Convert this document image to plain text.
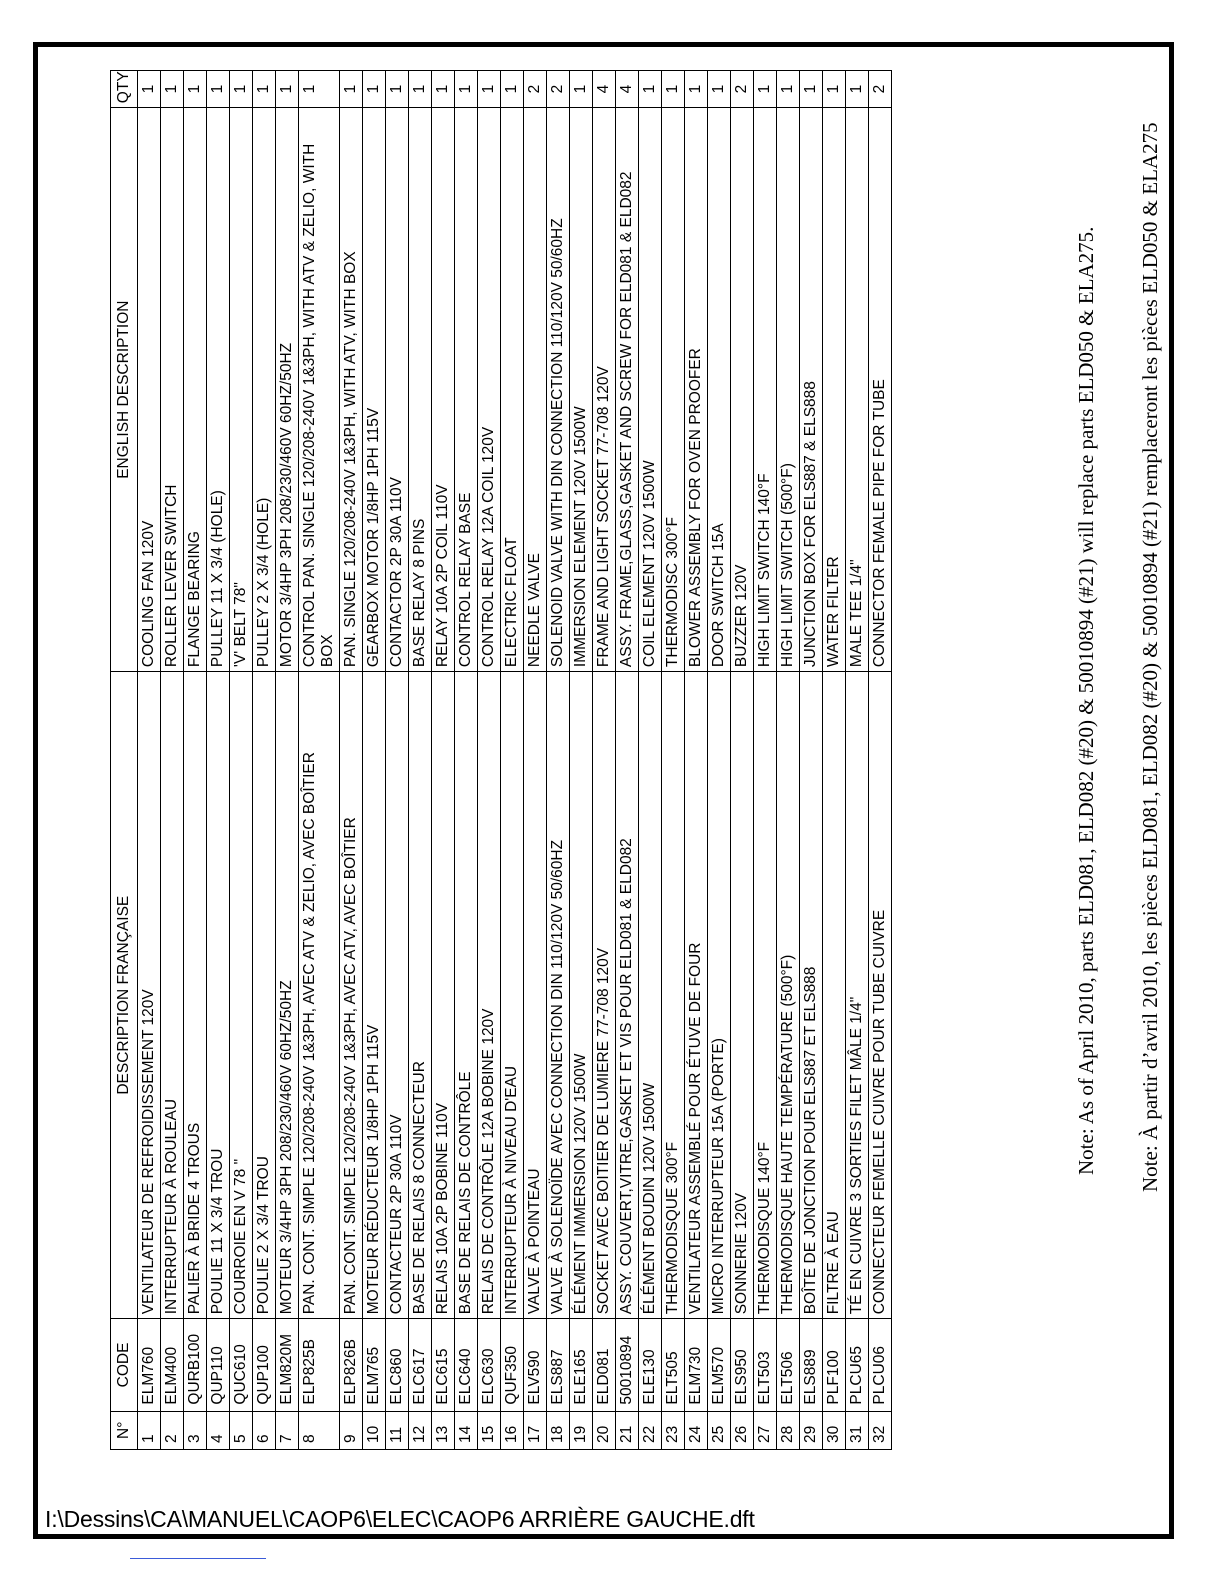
N°	CODE	DESCRIPTION FRANÇAISE	ENGLISH DESCRIPTION	QTY
1	ELM760	VENTILATEUR DE REFROIDISSEMENT 120V	COOLING FAN 120V	1
2	ELM400	INTERRUPTEUR À ROULEAU	ROLLER LEVER SWITCH	1
3	QURB100	PALIER À BRIDE 4 TROUS	FLANGE BEARING	1
4	QUP110	POULIE 11 X 3/4 TROU	PULLEY 11 X 3/4 (HOLE)	1
5	QUC610	COURROIE EN V 78 "	'V' BELT 78"	1
6	QUP100	POULIE 2 X 3/4 TROU	PULLEY 2 X 3/4 (HOLE)	1
7	ELM820M	MOTEUR 3/4HP 3PH 208/230/460V 60HZ/50HZ	MOTOR 3/4HP 3PH 208/230/460V 60HZ/50HZ	1
8	ELP825B	PAN. CONT. SIMPLE 120/208-240V 1&3PH, AVEC ATV & ZELIO, AVEC BOÎTIER	CONTROL PAN. SINGLE 120/208-240V 1&3PH, WITH ATV & ZELIO, WITH BOX	1
9	ELP826B	PAN. CONT. SIMPLE 120/208-240V 1&3PH, AVEC ATV, AVEC BOÎTIER	PAN. SINGLE 120/208-240V 1&3PH, WITH ATV, WITH BOX	1
10	ELM765	MOTEUR RÉDUCTEUR 1/8HP 1PH 115V	GEARBOX MOTOR 1/8HP 1PH 115V	1
11	ELC860	CONTACTEUR 2P 30A 110V	CONTACTOR 2P 30A 110V	1
12	ELC617	BASE DE RELAIS 8 CONNECTEUR	BASE RELAY 8 PINS	1
13	ELC615	RELAIS 10A 2P BOBINE 110V	RELAY 10A 2P COIL 110V	1
14	ELC640	BASE DE RELAIS DE CONTRÔLE	CONTROL RELAY BASE	1
15	ELC630	RELAIS DE CONTRÔLE 12A BOBINE 120V	CONTROL RELAY 12A COIL 120V	1
16	QUF350	INTERRUPTEUR À NIVEAU D'EAU	ELECTRIC FLOAT	1
17	ELV590	VALVE À POINTEAU	NEEDLE VALVE	2
18	ELS887	VALVE À SOLENOÏDE AVEC CONNECTION DIN 110/120V 50/60HZ	SOLENOID VALVE WITH DIN CONNECTION 110/120V 50/60HZ	2
19	ELE165	ÉLÉMENT IMMERSION 120V 1500W	IMMERSION ELEMENT 120V 1500W	1
20	ELD081	SOCKET AVEC BOITIER DE LUMIERE 77-708 120V	FRAME AND LIGHT SOCKET 77-708 120V	4
21	50010894	ASSY. COUVERT,VITRE,GASKET ET VIS POUR ELD081 & ELD082	ASSY. FRAME,GLASS,GASKET AND SCREW FOR ELD081 & ELD082	4
22	ELE130	ÉLÉMENT BOUDIN 120V 1500W	COIL ELEMENT 120V 1500W	1
23	ELT505	THERMODISQUE 300°F	THERMODISC 300°F	1
24	ELM730	VENTILATEUR ASSEMBLÉ POUR ÉTUVE DE FOUR	BLOWER ASSEMBLY FOR OVEN PROOFER	1
25	ELM570	MICRO INTERRUPTEUR 15A (PORTE)	DOOR SWITCH 15A	1
26	ELS950	SONNERIE 120V	BUZZER 120V	2
27	ELT503	THERMODISQUE 140°F	HIGH LIMIT SWITCH 140°F	1
28	ELT506	THERMODISQUE HAUTE TEMPÉRATURE (500°F)	HIGH LIMIT SWITCH (500°F)	1
29	ELS889	BOÎTE DE JONCTION POUR ELS887 ET ELS888	JUNCTION BOX FOR ELS887 & ELS888	1
30	PLF100	FILTRE À EAU	WATER FILTER	1
31	PLCU65	TÉ EN CUIVRE 3 SORTIES FILET MÂLE 1/4"	MALE TEE 1/4"	1
32	PLCU06	CONNECTEUR FEMELLE CUIVRE POUR TUBE CUIVRE	CONNECTOR FEMALE PIPE FOR TUBE	2
Note: As of April 2010, parts ELD081, ELD082 (#20) & 50010894 (#21) will replace parts ELD050 & ELA275. Note: À partir d’avril 2010, les pièces ELD081, ELD082 (#20) & 50010894 (#21) remplaceront les pièces ELD050 & ELA275
I:\Dessins\CA\MANUEL\CAOP6\ELEC\CAOP6 ARRIÈRE GAUCHE.dft
